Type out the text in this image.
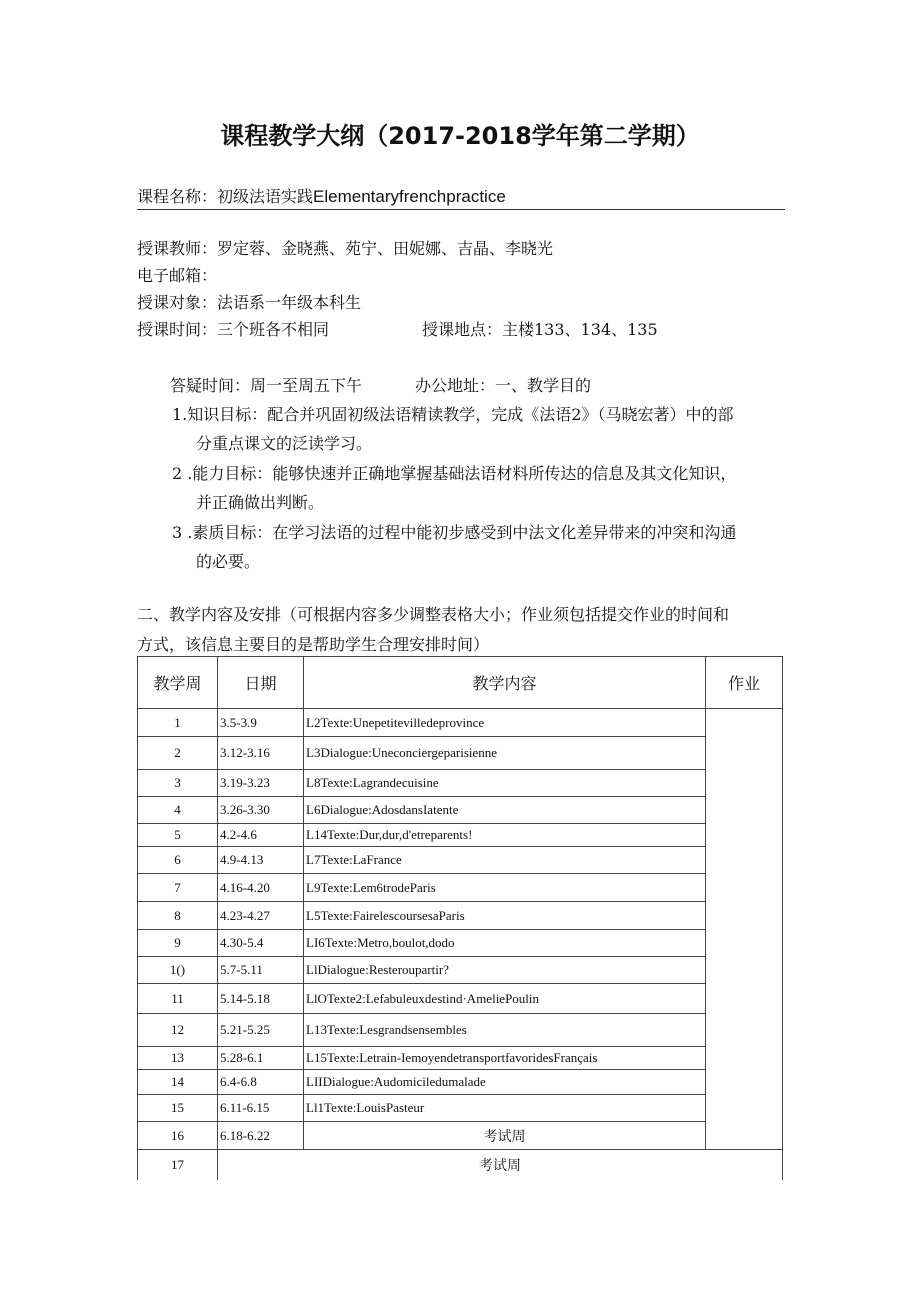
课程教学大纲（2017-2018学年第二学期）
课程名称：初级法语实践Elementaryfrenchpractice
授课教师：罗定蓉、金晓燕、苑宁、田妮娜、吉晶、李晓光
电子邮箱：
授课对象：法语系一年级本科生
授课时间：三个班各不相同	授课地点：主楼133、134、135
答疑时间：周一至周五下午	办公地址：一、教学目的
1.知识目标：配合并巩固初级法语精读教学，完成《法语2》（马晓宏著）中的部
分重点课文的泛读学习。
2 .能力目标：能够快速并正确地掌握基础法语材料所传达的信息及其文化知识，
并正确做出判断。
3 .素质目标：在学习法语的过程中能初步感受到中法文化差异带来的冲突和沟通
的必要。
二、教学内容及安排（可根据内容多少调整表格大小；作业须包括提交作业的时间和
方式，该信息主要目的是帮助学生合理安排时间）
教学周	日期	教学内容	作业
1	3.5-3.9	L2Texte:Unepetitevilledeprovince	
2	3.12-3.16	L3Dialogue:Uneconciergeparisienne	
3	3.19-3.23	L8Texte:Lagrandecuisine	
4	3.26-3.30	L6Dialogue:AdosdansIatente	
5	4.2-4.6	L14Texte:Dur,dur,d'etreparents!	
6	4.9-4.13	L7Texte:LaFrance	
7	4.16-4.20	L9Texte:Lem6trodeParis	
8	4.23-4.27	L5Texte:FairelescoursesaParis	
9	4.30-5.4	LI6Texte:Metro,boulot,dodo	
1()	5.7-5.11	LlDialogue:Resteroupartir?	
11	5.14-5.18	LlOTexte2:Lefabuleuxdestind·AmeliePoulin	
12	5.21-5.25	L13Texte:Lesgrandsensembles	
13	5.28-6.1	L15Texte:Letrain-IemoyendetransportfavoridesFrançais	
14	6.4-6.8	LIIDialogue:Audomiciledumalade	
15	6.11-6.15	Ll1Texte:LouisPasteur	
16	6.18-6.22	考试周	
17	考试周		
